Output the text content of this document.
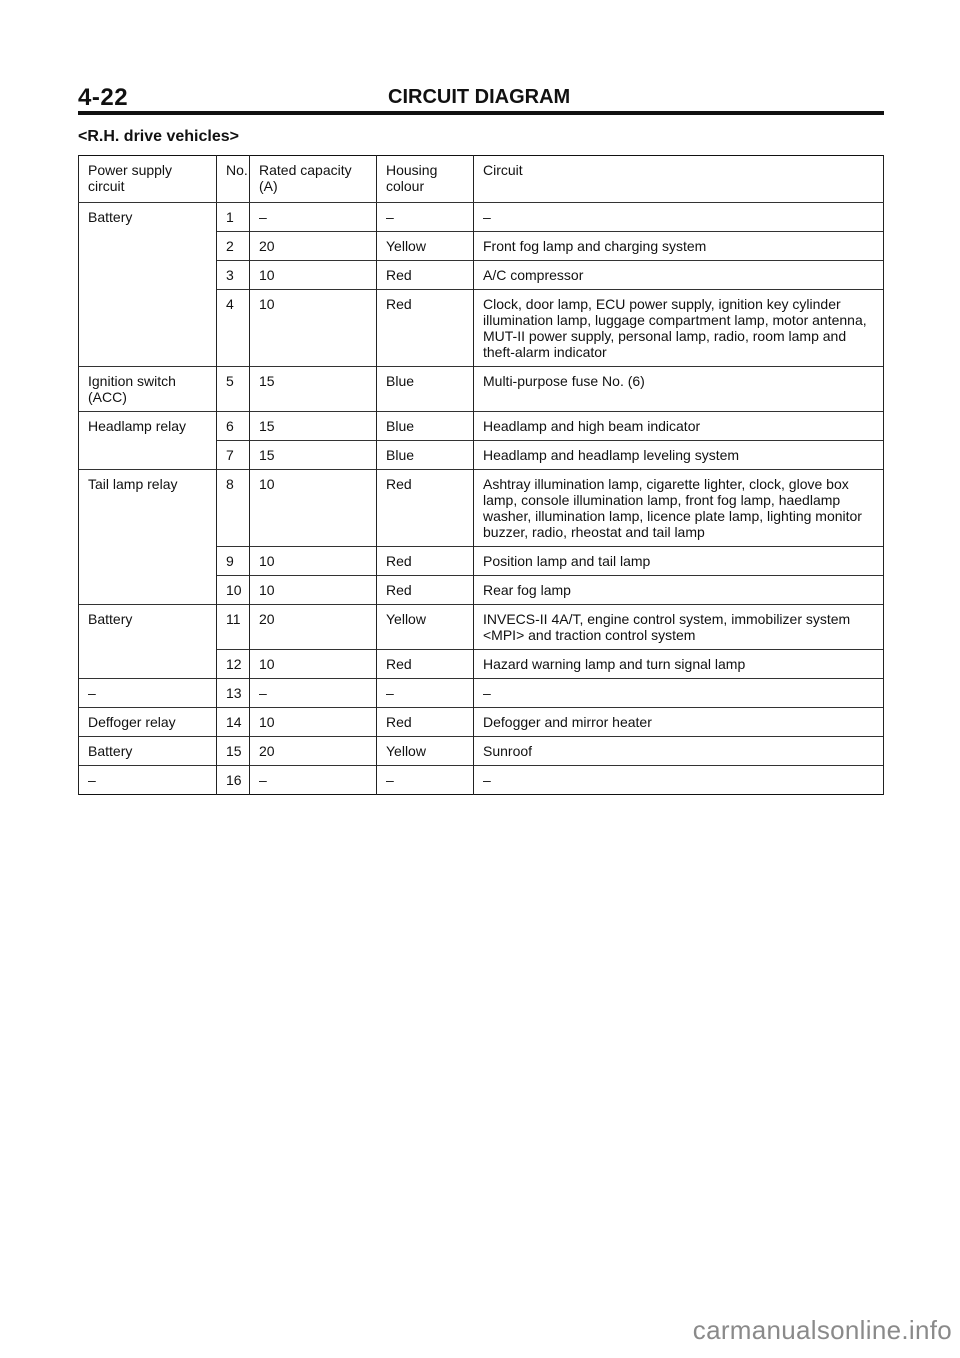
4-22	CIRCUIT DIAGRAM
<R.H. drive vehicles>
Power supply circuit	No.	Rated capacity (A)	Housing colour	Circuit
Battery	1	–	–	–
	2	20	Yellow	Front fog lamp and charging system
	3	10	Red	A/C compressor
	4	10	Red	Clock, door lamp, ECU power supply, ignition key cylinder illumination lamp, luggage compartment lamp, motor antenna, MUT-II power supply, personal lamp, radio, room lamp and theft-alarm indicator
Ignition switch (ACC)	5	15	Blue	Multi-purpose fuse No. (6)
Headlamp relay	6	15	Blue	Headlamp and high beam indicator
	7	15	Blue	Headlamp and headlamp leveling system
Tail lamp relay	8	10	Red	Ashtray illumination lamp, cigarette lighter, clock, glove box lamp, console illumination lamp, front fog lamp, haedlamp washer, illumination lamp, licence plate lamp, lighting monitor buzzer, radio, rheostat and tail lamp
	9	10	Red	Position lamp and tail lamp
	10	10	Red	Rear fog lamp
Battery	11	20	Yellow	INVECS-II 4A/T, engine control system, immobilizer system <MPI> and traction control system
	12	10	Red	Hazard warning lamp and turn signal lamp
–	13	–	–	–
Deffoger relay	14	10	Red	Defogger and mirror heater
Battery	15	20	Yellow	Sunroof
–	16	–	–	–
carmanualsonline.info
